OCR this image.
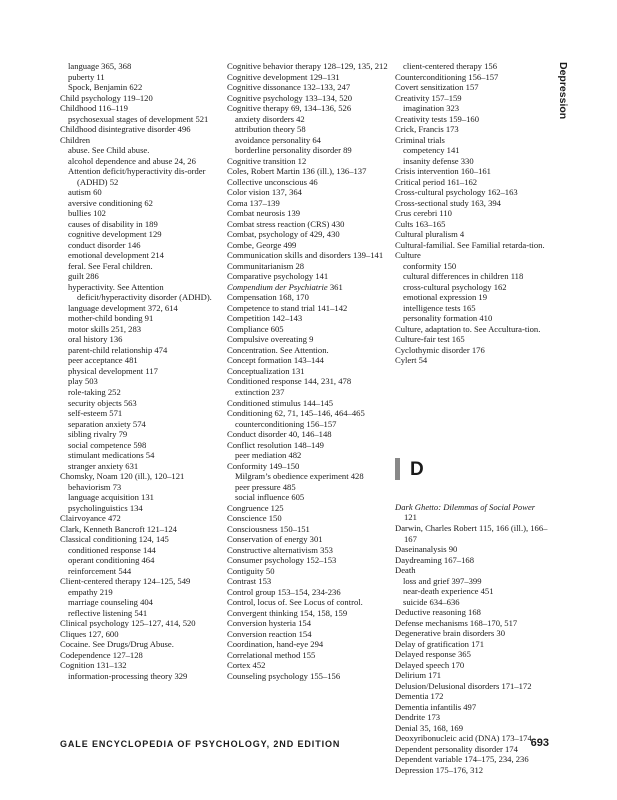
Depression
language 365, 368
puberty 11
Spock, Benjamin 622
Child psychology 119–120
Childhood 116–119
psychosexual stages of development 521
Childhood disintegrative disorder 496
Children
abuse. See Child abuse.
alcohol dependence and abuse 24, 26
Attention deficit/hyperactivity dis-order (ADHD) 52
autism 60
aversive conditioning 62
bullies 102
causes of disability in 189
cognitive development 129
conduct disorder 146
emotional development 214
feral. See Feral children.
guilt 286
hyperactivity. See Attention deficit/hyperactivity disorder (ADHD).
language development 372, 614
mother-child bonding 91
motor skills 251, 283
oral history 136
parent-child relationship 474
peer acceptance 481
physical development 117
play 503
role-taking 252
security objects 563
self-esteem 571
separation anxiety 574
sibling rivalry 79
social competence 598
stimulant medications 54
stranger anxiety 631
Chomsky, Noam 120 (ill.), 120–121
behaviorism 73
language acquisition 131
psycholinguistics 134
Clairvoyance 472
Clark, Kenneth Bancroft 121–124
Classical conditioning 124, 145
conditioned response 144
operant conditioning 464
reinforcement 544
Client-centered therapy 124–125, 549
empathy 219
marriage counseling 404
reflective listening 541
Clinical psychology 125–127, 414, 520
Cliques 127, 600
Cocaine. See Drugs/Drug Abuse.
Codependence 127–128
Cognition 131–132
information-processing theory 329
Cognitive behavior therapy 128–129, 135, 212
Cognitive development 129–131
Cognitive dissonance 132–133, 247
Cognitive psychology 133–134, 520
Cognitive therapy 69, 134–136, 526
anxiety disorders 42
attribution theory 58
avoidance personality 64
borderline personality disorder 89
Cognitive transition 12
Coles, Robert Martin 136 (ill.), 136–137
Collective unconscious 46
Color vision 137, 364
Coma 137–139
Combat neurosis 139
Combat stress reaction (CRS) 430
Combat, psychology of 429, 430
Combe, George 499
Communication skills and disorders 139–141
Communitarianism 28
Comparative psychology 141
Compendium der Psychiatrie 361
Compensation 168, 170
Competence to stand trial 141–142
Competition 142–143
Compliance 605
Compulsive overeating 9
Concentration. See Attention.
Concept formation 143–144
Conceptualization 131
Conditioned response 144, 231, 478
extinction 237
Conditioned stimulus 144–145
Conditioning 62, 71, 145–146, 464–465
counterconditioning 156–157
Conduct disorder 40, 146–148
Conflict resolution 148–149
peer mediation 482
Conformity 149–150
Milgram’s obedience experiment 428
peer pressure 485
social influence 605
Congruence 125
Conscience 150
Consciousness 150–151
Conservation of energy 301
Constructive alternativism 353
Consumer psychology 152–153
Contiguity 50
Contrast 153
Control group 153–154, 234-236
Control, locus of. See Locus of control.
Convergent thinking 154, 158, 159
Conversion hysteria 154
Conversion reaction 154
Coordination, hand-eye 294
Correlational method 155
Cortex 452
Counseling psychology 155–156
client-centered therapy 156
Counterconditioning 156–157
Covert sensitization 157
Creativity 157–159
imagination 323
Creativity tests 159–160
Crick, Francis 173
Criminal trials
competency 141
insanity defense 330
Crisis intervention 160–161
Critical period 161–162
Cross-cultural psychology 162–163
Cross-sectional study 163, 394
Crus cerebri 110
Cults 163–165
Cultural pluralism 4
Cultural-familial. See Familial retarda-tion.
Culture
conformity 150
cultural differences in children 118
cross-cultural psychology 162
emotional expression 19
intelligence tests 165
personality formation 410
Culture, adaptation to. See Accultura-tion.
Culture-fair test 165
Cyclothymic disorder 176
Cylert 54
D
Dark Ghetto: Dilemmas of Social Power 121
Darwin, Charles Robert 115, 166 (ill.), 166–167
Daseinanalysis 90
Daydreaming 167–168
Death
loss and grief 397–399
near-death experience 451
suicide 634–636
Deductive reasoning 168
Defense mechanisms 168–170, 517
Degenerative brain disorders 30
Delay of gratification 171
Delayed response 365
Delayed speech 170
Delirium 171
Delusion/Delusional disorders 171–172
Dementia 172
Dementia infantilis 497
Dendrite 173
Denial 35, 168, 169
Deoxyribonucleic acid (DNA) 173–174
Dependent personality disorder 174
Dependent variable 174–175, 234, 236
Depression 175–176, 312
GALE ENCYCLOPEDIA OF PSYCHOLOGY, 2ND EDITION	693
